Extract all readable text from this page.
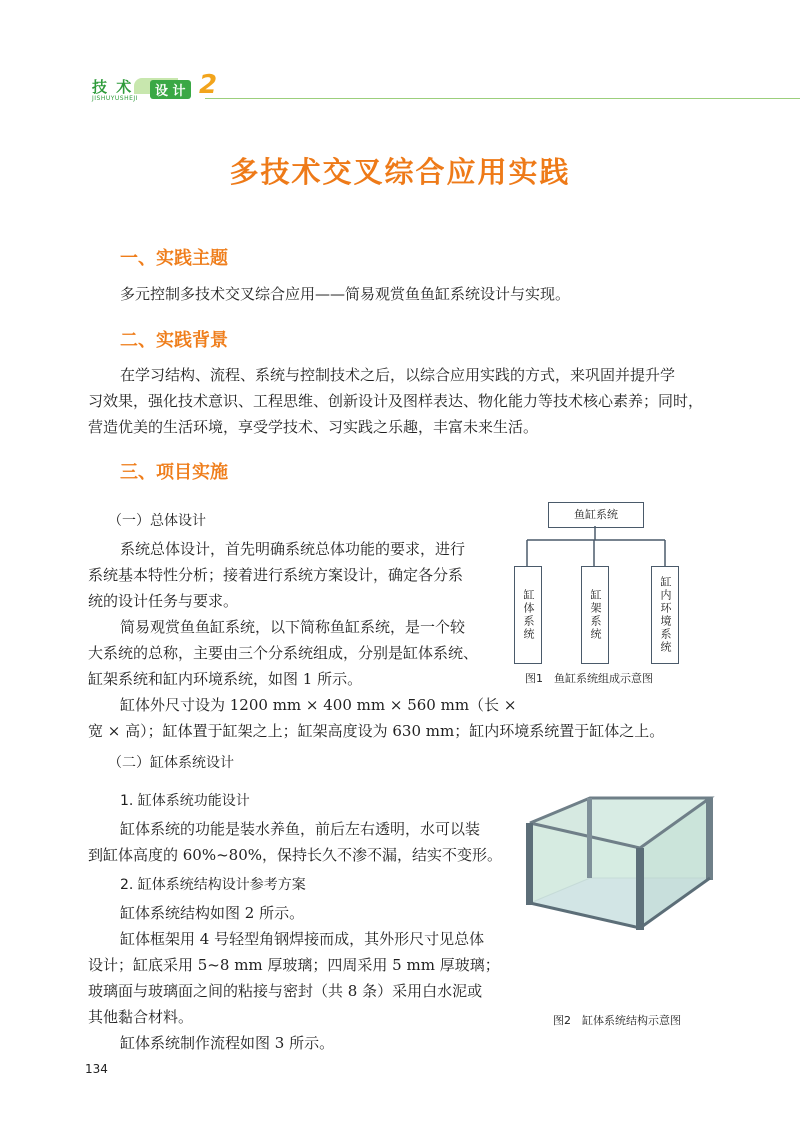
技 术
JISHUYUSHEJI	设 计 2
多技术交叉综合应用实践
一、实践主题
多元控制多技术交叉综合应用——简易观赏鱼鱼缸系统设计与实现。
二、实践背景
在学习结构、流程、系统与控制技术之后，以综合应用实践的方式，来巩固并提升学
习效果，强化技术意识、工程思维、创新设计及图样表达、物化能力等技术核心素养；同时，
营造优美的生活环境，享受学技术、习实践之乐趣，丰富未来生活。
三、项目实施
（一）总体设计
系统总体设计，首先明确系统总体功能的要求，进行
系统基本特性分析；接着进行系统方案设计，确定各分系
统的设计任务与要求。
简易观赏鱼鱼缸系统，以下简称鱼缸系统，是一个较
大系统的总称，主要由三个分系统组成，分别是缸体系统、
缸架系统和缸内环境系统，如图 1 所示。
缸体外尺寸设为 1200 mm × 400 mm × 560 mm（长 ×
宽 × 高）；缸体置于缸架之上；缸架高度设为 630 mm；缸内环境系统置于缸体之上。
鱼缸系统
缸体系统	缸架系统	缸内环境系统
图1　鱼缸系统组成示意图
（二）缸体系统设计
1. 缸体系统功能设计
缸体系统的功能是装水养鱼，前后左右透明，水可以装
到缸体高度的 60%~80%，保持长久不渗不漏，结实不变形。
2. 缸体系统结构设计参考方案
缸体系统结构如图 2 所示。
缸体框架用 4 号轻型角钢焊接而成，其外形尺寸见总体
设计；缸底采用 5~8 mm 厚玻璃；四周采用 5 mm 厚玻璃；
玻璃面与玻璃面之间的粘接与密封（共 8 条）采用白水泥或
其他黏合材料。
缸体系统制作流程如图 3 所示。
图2　缸体系统结构示意图
134
